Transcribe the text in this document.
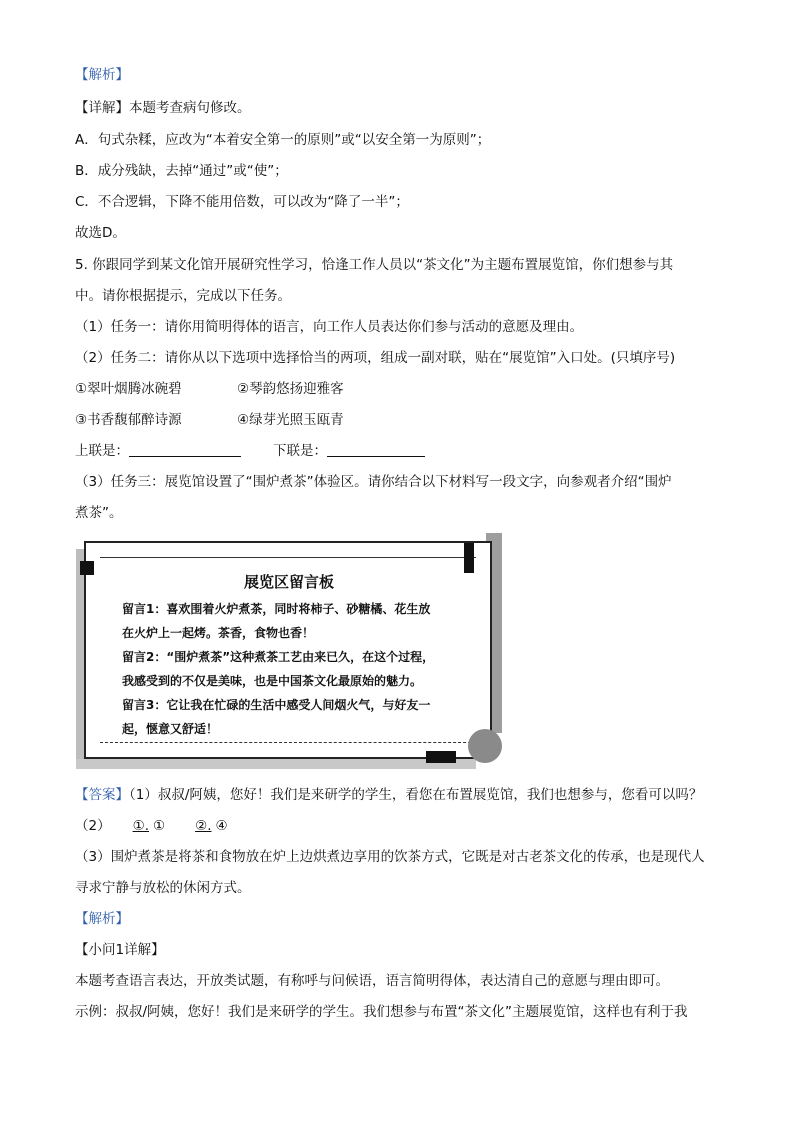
【解析】
【详解】本题考查病句修改。
A．句式杂糅，应改为“本着安全第一的原则”或“以安全第一为原则”；
B．成分残缺，去掉“通过”或“使”；
C．不合逻辑，下降不能用倍数，可以改为“降了一半”；
故选D。
5. 你跟同学到某文化馆开展研究性学习，恰逢工作人员以“茶文化”为主题布置展览馆，你们想参与其
中。请你根据提示，完成以下任务。
（1）任务一：请你用简明得体的语言，向工作人员表达你们参与活动的意愿及理由。
（2）任务二：请你从以下选项中选择恰当的两项，组成一副对联，贴在“展览馆”入口处。(只填序号)
①翠叶烟腾冰碗碧	②琴韵悠扬迎雅客
③书香馥郁醉诗源	④绿芽光照玉瓯青
上联是：	下联是：
（3）任务三：展览馆设置了“围炉煮茶”体验区。请你结合以下材料写一段文字，向参观者介绍“围炉
煮茶”。
展览区留言板
留言1：喜欢围着火炉煮茶，同时将柿子、砂糖橘、花生放
在火炉上一起烤。茶香，食物也香！
留言2：“围炉煮茶”这种煮茶工艺由来已久，在这个过程，
我感受到的不仅是美味，也是中国茶文化最原始的魅力。
留言3：它让我在忙碌的生活中感受人间烟火气，与好友一
起，惬意又舒适！
【答案】（1）叔叔/阿姨，您好！我们是来研学的学生，看您在布置展览馆，我们也想参与，您看可以吗？
（2） ①. ① ②. ④
（3）围炉煮茶是将茶和食物放在炉上边烘煮边享用的饮茶方式，它既是对古老茶文化的传承，也是现代人
寻求宁静与放松的休闲方式。
【解析】
【小问1详解】
本题考查语言表达，开放类试题，有称呼与问候语，语言简明得体，表达清自己的意愿与理由即可。
示例：叔叔/阿姨，您好！我们是来研学的学生。我们想参与布置“茶文化”主题展览馆，这样也有利于我
